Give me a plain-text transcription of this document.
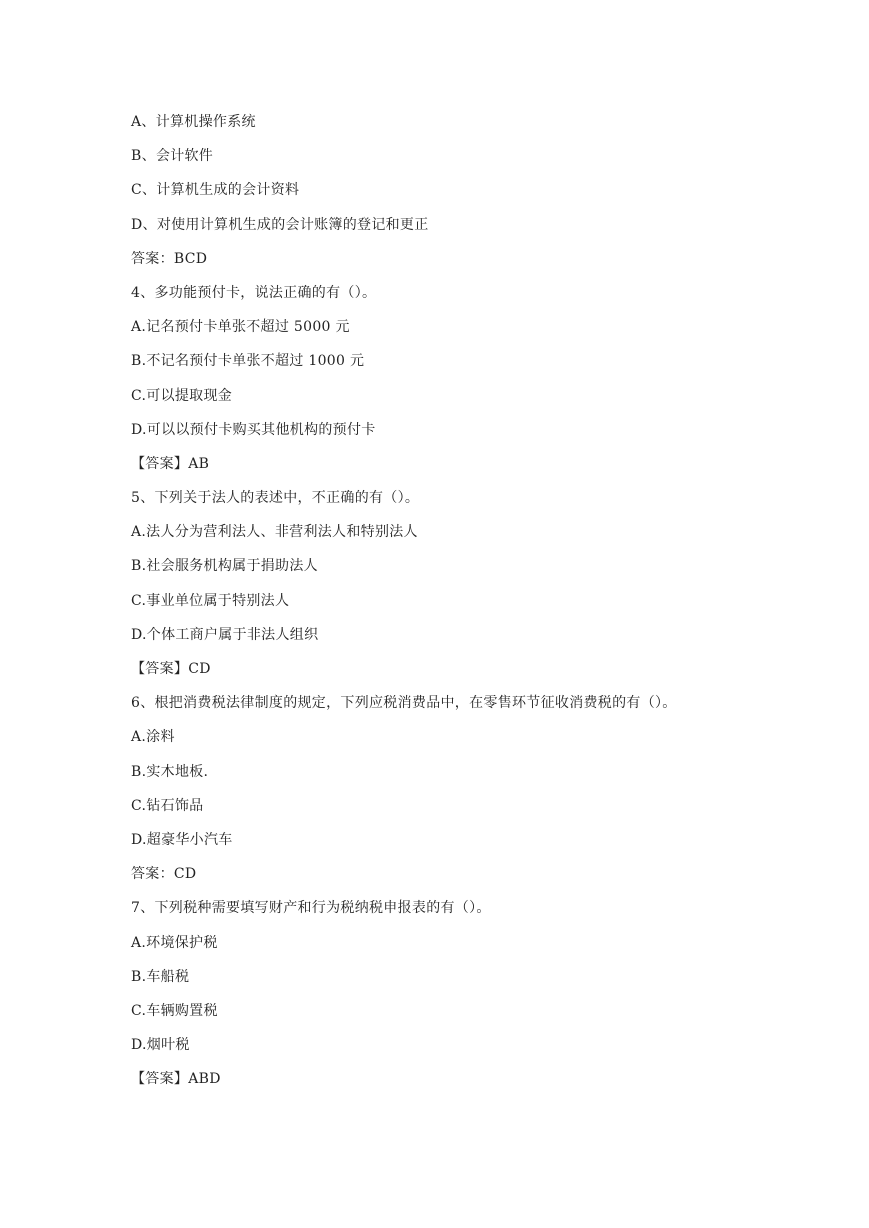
A、计算机操作系统
B、会计软件
C、计算机生成的会计资料
D、对使用计算机生成的会计账簿的登记和更正
答案：BCD
4、多功能预付卡，说法正确的有（）。
A.记名预付卡单张不超过 5000 元
B.不记名预付卡单张不超过 1000 元
C.可以提取现金
D.可以以预付卡购买其他机构的预付卡
【答案】AB
5、下列关于法人的表述中，不正确的有（）。
A.法人分为营利法人、非营利法人和特别法人
B.社会服务机构属于捐助法人
C.事业单位属于特别法人
D.个体工商户属于非法人组织
【答案】CD
6、根把消费税法律制度的规定，下列应税消费品中，在零售环节征收消费税的有（）。
A.涂料
B.实木地板.
C.钻石饰品
D.超豪华小汽车
答案：CD
7、下列税种需要填写财产和行为税纳税申报表的有（）。
A.环境保护税
B.车船税
C.车辆购置税
D.烟叶税
【答案】ABD
